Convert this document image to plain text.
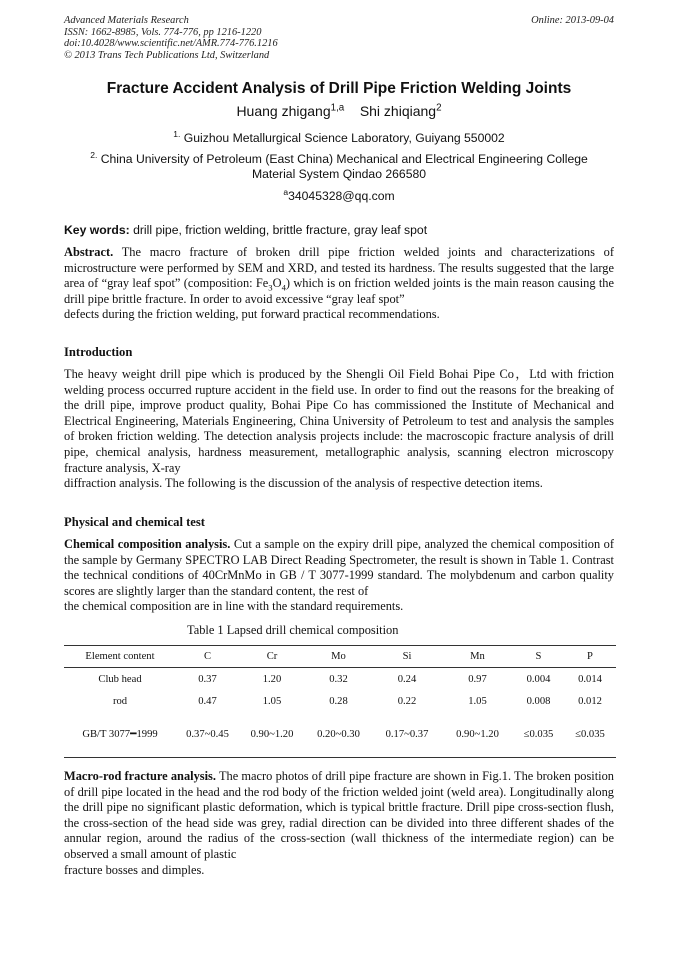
Advanced Materials Research
ISSN: 1662-8985, Vols. 774-776, pp 1216-1220
doi:10.4028/www.scientific.net/AMR.774-776.1216
© 2013 Trans Tech Publications Ltd, Switzerland
Online: 2013-09-04
Fracture Accident Analysis of Drill Pipe Friction Welding Joints
Huang zhigang$^{1,a}$ Shi zhiqiang$^2$
$^{1.}$ Guizhou Metallurgical Science Laboratory, Guiyang 550002
$^{2.}$ China University of Petroleum (East China) Mechanical and Electrical Engineering College
Material System Qindao 266580
$^a$34045328@qq.com
Key words: drill pipe, friction welding, brittle fracture, gray leaf spot
Abstract. The macro fracture of broken drill pipe friction welded joints and characterizations of microstructure were performed by SEM and XRD, and tested its hardness. The results suggested that the large area of “gray leaf spot” (composition: $Fe_3O_4$) which is on friction welded joints is the main reason causing the drill pipe brittle fracture. In order to avoid excessive “gray leaf spot”
defects during the friction welding, put forward practical recommendations.
Introduction
The heavy weight drill pipe which is produced by the Shengli Oil Field Bohai Pipe Co，Ltd with friction welding process occurred rupture accident in the field use. In order to find out the reasons for the breaking of the drill pipe, improve product quality, Bohai Pipe Co has commissioned the Institute of Mechanical and Electrical Engineering, Materials Engineering, China University of Petroleum to test and analysis the samples of broken friction welding. The detection analysis projects include: the macroscopic fracture analysis of drill pipe, chemical analysis, hardness measurement, metallographic analysis, scanning electron microscopy fracture analysis, X-ray
diffraction analysis. The following is the discussion of the analysis of respective detection items.
Physical and chemical test
Chemical composition analysis. Cut a sample on the expiry drill pipe, analyzed the chemical composition of the sample by Germany SPECTRO LAB Direct Reading Spectrometer, the result is shown in Table 1. Contrast the technical conditions of 40CrMnMo in GB / T 3077-1999 standard. The molybdenum and carbon quality scores are slightly larger than the standard content, the rest of
the chemical composition are in line with the standard requirements.
Table 1 Lapsed drill chemical composition
Element content	C	Cr	Mo	Si	Mn	S	P
Club head	0.37	1.20	0.32	0.24	0.97	0.004	0.014
rod	0.47	1.05	0.28	0.22	1.05	0.008	0.012
GB/T 3077━1999	0.37~0.45	0.90~1.20	0.20~0.30	0.17~0.37	0.90~1.20	≤0.035	≤0.035
Macro-rod fracture analysis. The macro photos of drill pipe fracture are shown in Fig.1. The broken position of drill pipe located in the head and the rod body of the friction welded joint (weld area). Longitudinally along the drill pipe no significant plastic deformation, which is typical brittle fracture. Drill pipe cross-section flush, the cross-section of the head side was grey, radial direction can be divided into three different shades of the annular region, around the radius of the cross-section (wall thickness of the intermediate region) can be observed a small amount of plastic
fracture bosses and dimples.
